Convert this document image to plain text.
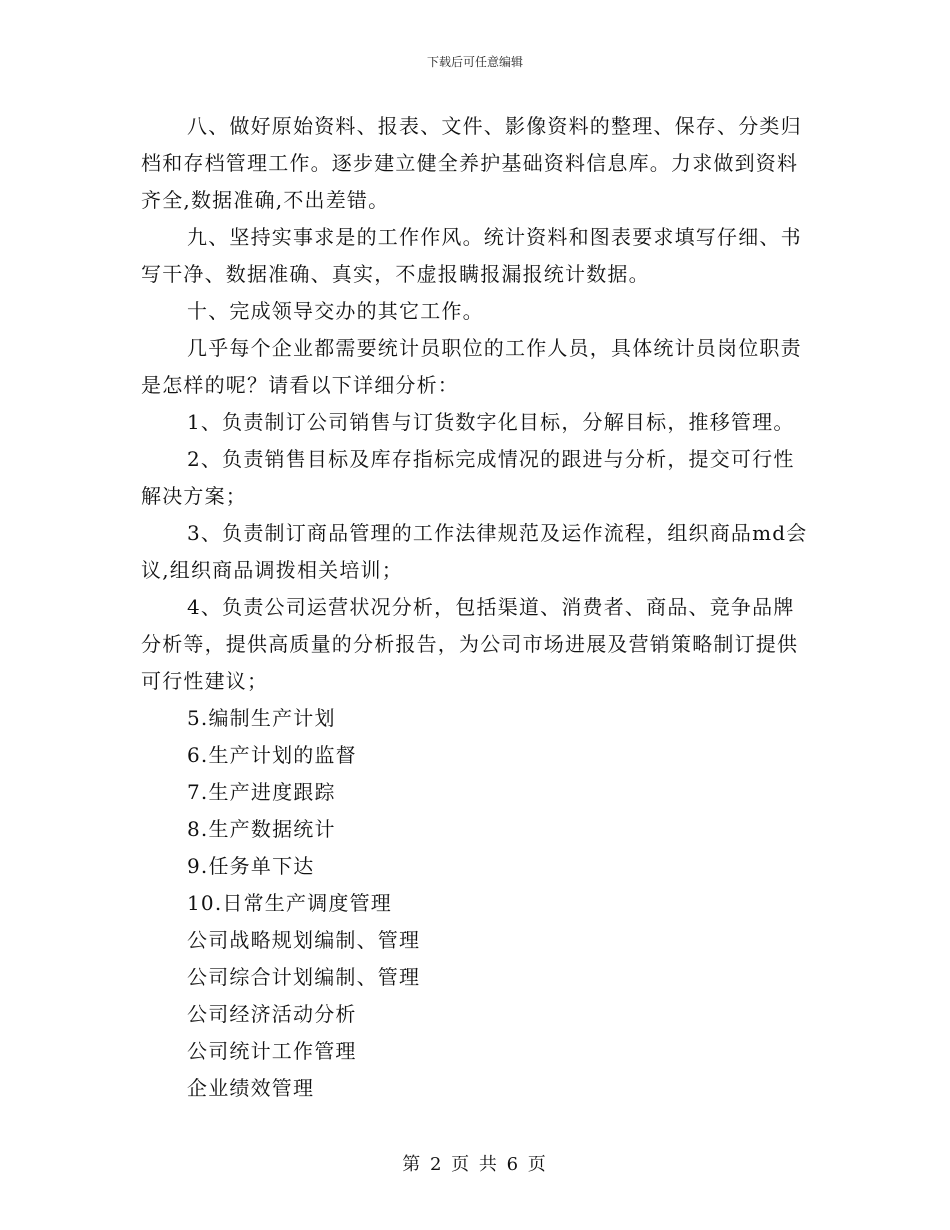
下载后可任意编辑

八、做好原始资料、报表、文件、影像资料的整理、保存、分类归档和存档管理工作。逐步建立健全养护基础资料信息库。力求做到资料齐全,数据准确,不出差错。

九、坚持实事求是的工作作风。统计资料和图表要求填写仔细、书写干净、数据准确、真实，不虚报瞒报漏报统计数据。

十、完成领导交办的其它工作。

几乎每个企业都需要统计员职位的工作人员，具体统计员岗位职责是怎样的呢？请看以下详细分析：

1、负责制订公司销售与订货数字化目标，分解目标，推移管理。

2、负责销售目标及库存指标完成情况的跟进与分析，提交可行性解决方案；

3、负责制订商品管理的工作法律规范及运作流程，组织商品md会议,组织商品调拨相关培训；

4、负责公司运营状况分析，包括渠道、消费者、商品、竞争品牌分析等，提供高质量的分析报告，为公司市场进展及营销策略制订提供可行性建议；

5.编制生产计划

6.生产计划的监督

7.生产进度跟踪

8.生产数据统计

9.任务单下达

10.日常生产调度管理

公司战略规划编制、管理

公司综合计划编制、管理

公司经济活动分析

公司统计工作管理

企业绩效管理

第 2 页 共 6 页
